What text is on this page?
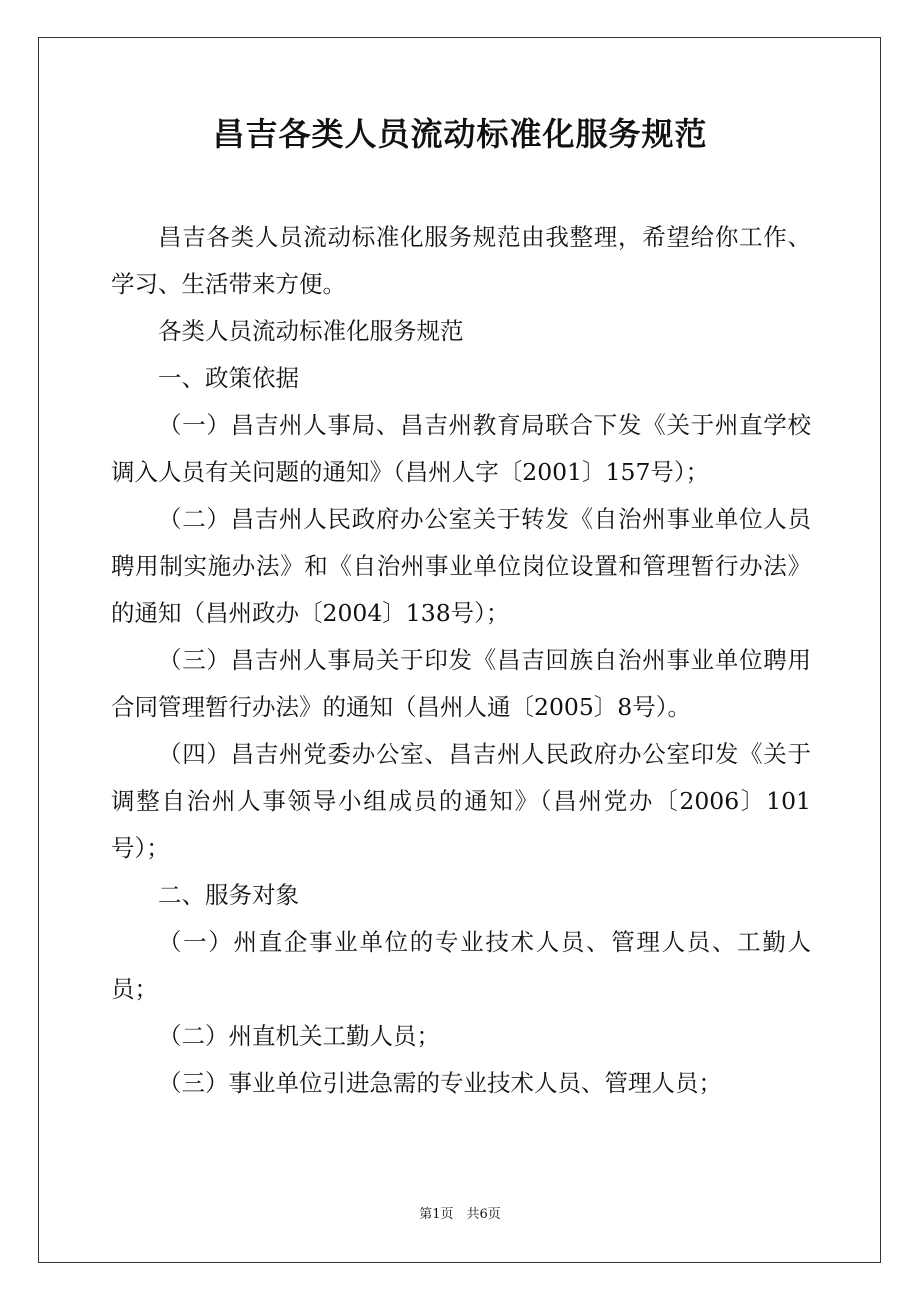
昌吉各类人员流动标准化服务规范

昌吉各类人员流动标准化服务规范由我整理，希望给你工作、学习、生活带来方便。

各类人员流动标准化服务规范

一、政策依据

（一）昌吉州人事局、昌吉州教育局联合下发《关于州直学校调入人员有关问题的通知》（昌州人字〔2001〕157号）；

（二）昌吉州人民政府办公室关于转发《自治州事业单位人员聘用制实施办法》和《自治州事业单位岗位设置和管理暂行办法》的通知（昌州政办〔2004〕138号）；

（三）昌吉州人事局关于印发《昌吉回族自治州事业单位聘用合同管理暂行办法》的通知（昌州人通〔2005〕8号）。

（四）昌吉州党委办公室、昌吉州人民政府办公室印发《关于调整自治州人事领导小组成员的通知》（昌州党办〔2006〕101号）；

二、服务对象

（一）州直企事业单位的专业技术人员、管理人员、工勤人员；

（二）州直机关工勤人员；

（三）事业单位引进急需的专业技术人员、管理人员；

第1页　共6页
